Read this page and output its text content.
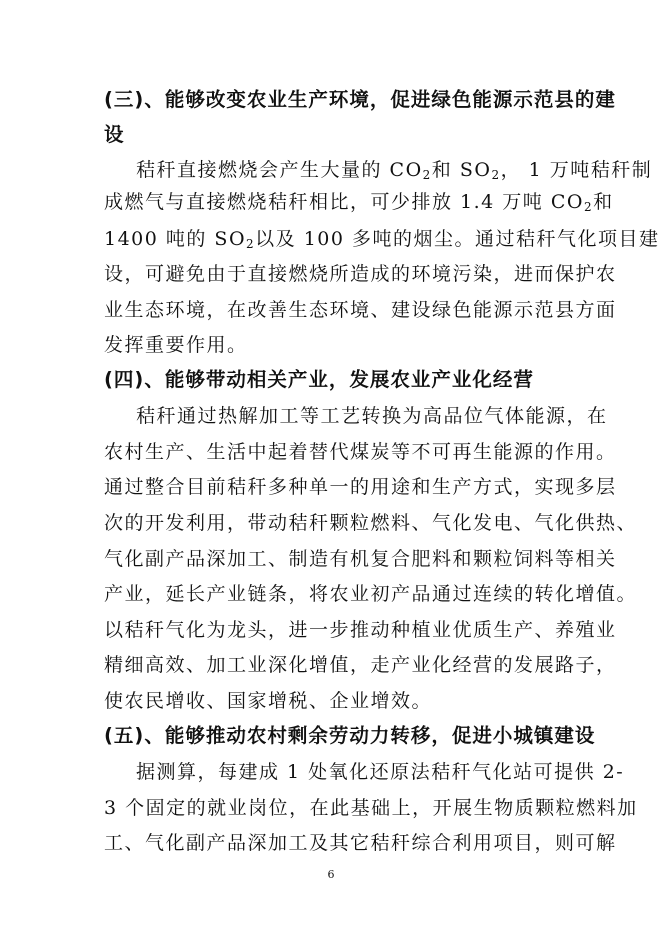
(三)、能够改变农业生产环境，促进绿色能源示范县的建
设
秸秆直接燃烧会产生大量的 $CO_2$和 $SO_2$， 1 万吨秸秆制
成燃气与直接燃烧秸秆相比，可少排放 1.4 万吨 $CO_2$和
1400 吨的 $SO_2$以及 100 多吨的烟尘。通过秸秆气化项目建
设，可避免由于直接燃烧所造成的环境污染，进而保护农
业生态环境，在改善生态环境、建设绿色能源示范县方面
发挥重要作用。
(四)、能够带动相关产业，发展农业产业化经营
秸秆通过热解加工等工艺转换为高品位气体能源，在
农村生产、生活中起着替代煤炭等不可再生能源的作用。
通过整合目前秸秆多种单一的用途和生产方式，实现多层
次的开发利用，带动秸秆颗粒燃料、气化发电、气化供热、
气化副产品深加工、制造有机复合肥料和颗粒饲料等相关
产业，延长产业链条，将农业初产品通过连续的转化增值。
以秸秆气化为龙头，进一步推动种植业优质生产、养殖业
精细高效、加工业深化增值，走产业化经营的发展路子，
使农民增收、国家增税、企业增效。
(五)、能够推动农村剩余劳动力转移，促进小城镇建设
据测算，每建成 1 处氧化还原法秸秆气化站可提供 2-
3 个固定的就业岗位，在此基础上，开展生物质颗粒燃料加
工、气化副产品深加工及其它秸秆综合利用项目，则可解
6
